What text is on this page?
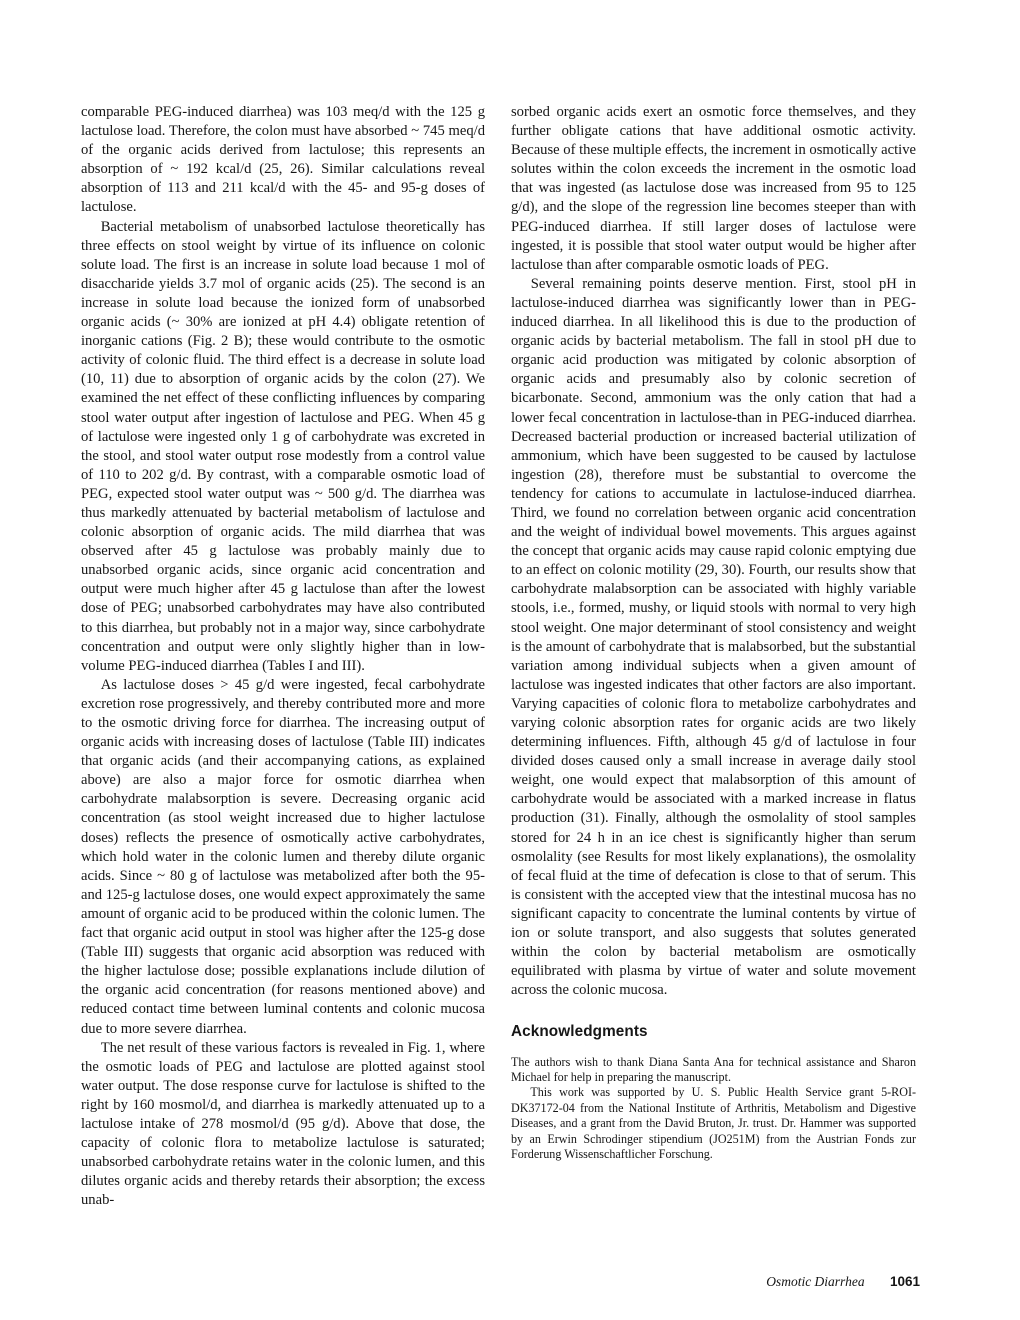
comparable PEG-induced diarrhea) was 103 meq/d with the 125 g lactulose load. Therefore, the colon must have absorbed ~ 745 meq/d of the organic acids derived from lactulose; this represents an absorption of ~ 192 kcal/d (25, 26). Similar calculations reveal absorption of 113 and 211 kcal/d with the 45- and 95-g doses of lactulose.

Bacterial metabolism of unabsorbed lactulose theoretically has three effects on stool weight by virtue of its influence on colonic solute load. The first is an increase in solute load because 1 mol of disaccharide yields 3.7 mol of organic acids (25). The second is an increase in solute load because the ionized form of unabsorbed organic acids (~ 30% are ionized at pH 4.4) obligate retention of inorganic cations (Fig. 2 B); these would contribute to the osmotic activity of colonic fluid. The third effect is a decrease in solute load (10, 11) due to absorption of organic acids by the colon (27). We examined the net effect of these conflicting influences by comparing stool water output after ingestion of lactulose and PEG. When 45 g of lactulose were ingested only 1 g of carbohydrate was excreted in the stool, and stool water output rose modestly from a control value of 110 to 202 g/d. By contrast, with a comparable osmotic load of PEG, expected stool water output was ~ 500 g/d. The diarrhea was thus markedly attenuated by bacterial metabolism of lactulose and colonic absorption of organic acids. The mild diarrhea that was observed after 45 g lactulose was probably mainly due to unabsorbed organic acids, since organic acid concentration and output were much higher after 45 g lactulose than after the lowest dose of PEG; unabsorbed carbohydrates may have also contributed to this diarrhea, but probably not in a major way, since carbohydrate concentration and output were only slightly higher than in low-volume PEG-induced diarrhea (Tables I and III).

As lactulose doses > 45 g/d were ingested, fecal carbohydrate excretion rose progressively, and thereby contributed more and more to the osmotic driving force for diarrhea. The increasing output of organic acids with increasing doses of lactulose (Table III) indicates that organic acids (and their accompanying cations, as explained above) are also a major force for osmotic diarrhea when carbohydrate malabsorption is severe. Decreasing organic acid concentration (as stool weight increased due to higher lactulose doses) reflects the presence of osmotically active carbohydrates, which hold water in the colonic lumen and thereby dilute organic acids. Since ~ 80 g of lactulose was metabolized after both the 95- and 125-g lactulose doses, one would expect approximately the same amount of organic acid to be produced within the colonic lumen. The fact that organic acid output in stool was higher after the 125-g dose (Table III) suggests that organic acid absorption was reduced with the higher lactulose dose; possible explanations include dilution of the organic acid concentration (for reasons mentioned above) and reduced contact time between luminal contents and colonic mucosa due to more severe diarrhea.

The net result of these various factors is revealed in Fig. 1, where the osmotic loads of PEG and lactulose are plotted against stool water output. The dose response curve for lactulose is shifted to the right by 160 mosmol/d, and diarrhea is markedly attenuated up to a lactulose intake of 278 mosmol/d (95 g/d). Above that dose, the capacity of colonic flora to metabolize lactulose is saturated; unabsorbed carbohydrate retains water in the colonic lumen, and this dilutes organic acids and thereby retards their absorption; the excess unab-

sorbed organic acids exert an osmotic force themselves, and they further obligate cations that have additional osmotic activity. Because of these multiple effects, the increment in osmotically active solutes within the colon exceeds the increment in the osmotic load that was ingested (as lactulose dose was increased from 95 to 125 g/d), and the slope of the regression line becomes steeper than with PEG-induced diarrhea. If still larger doses of lactulose were ingested, it is possible that stool water output would be higher after lactulose than after comparable osmotic loads of PEG.

Several remaining points deserve mention. First, stool pH in lactulose-induced diarrhea was significantly lower than in PEG-induced diarrhea. In all likelihood this is due to the production of organic acids by bacterial metabolism. The fall in stool pH due to organic acid production was mitigated by colonic absorption of organic acids and presumably also by colonic secretion of bicarbonate. Second, ammonium was the only cation that had a lower fecal concentration in lactulose-than in PEG-induced diarrhea. Decreased bacterial production or increased bacterial utilization of ammonium, which have been suggested to be caused by lactulose ingestion (28), therefore must be substantial to overcome the tendency for cations to accumulate in lactulose-induced diarrhea. Third, we found no correlation between organic acid concentration and the weight of individual bowel movements. This argues against the concept that organic acids may cause rapid colonic emptying due to an effect on colonic motility (29, 30). Fourth, our results show that carbohydrate malabsorption can be associated with highly variable stools, i.e., formed, mushy, or liquid stools with normal to very high stool weight. One major determinant of stool consistency and weight is the amount of carbohydrate that is malabsorbed, but the substantial variation among individual subjects when a given amount of lactulose was ingested indicates that other factors are also important. Varying capacities of colonic flora to metabolize carbohydrates and varying colonic absorption rates for organic acids are two likely determining influences. Fifth, although 45 g/d of lactulose in four divided doses caused only a small increase in average daily stool weight, one would expect that malabsorption of this amount of carbohydrate would be associated with a marked increase in flatus production (31). Finally, although the osmolality of stool samples stored for 24 h in an ice chest is significantly higher than serum osmolality (see Results for most likely explanations), the osmolality of fecal fluid at the time of defecation is close to that of serum. This is consistent with the accepted view that the intestinal mucosa has no significant capacity to concentrate the luminal contents by virtue of ion or solute transport, and also suggests that solutes generated within the colon by bacterial metabolism are osmotically equilibrated with plasma by virtue of water and solute movement across the colonic mucosa.

Acknowledgments

The authors wish to thank Diana Santa Ana for technical assistance and Sharon Michael for help in preparing the manuscript.

This work was supported by U. S. Public Health Service grant 5-ROI-DK37172-04 from the National Institute of Arthritis, Metabolism and Digestive Diseases, and a grant from the David Bruton, Jr. trust. Dr. Hammer was supported by an Erwin Schrodinger stipendium (JO251M) from the Austrian Fonds zur Forderung Wissenschaftlicher Forschung.

Osmotic Diarrhea 1061
